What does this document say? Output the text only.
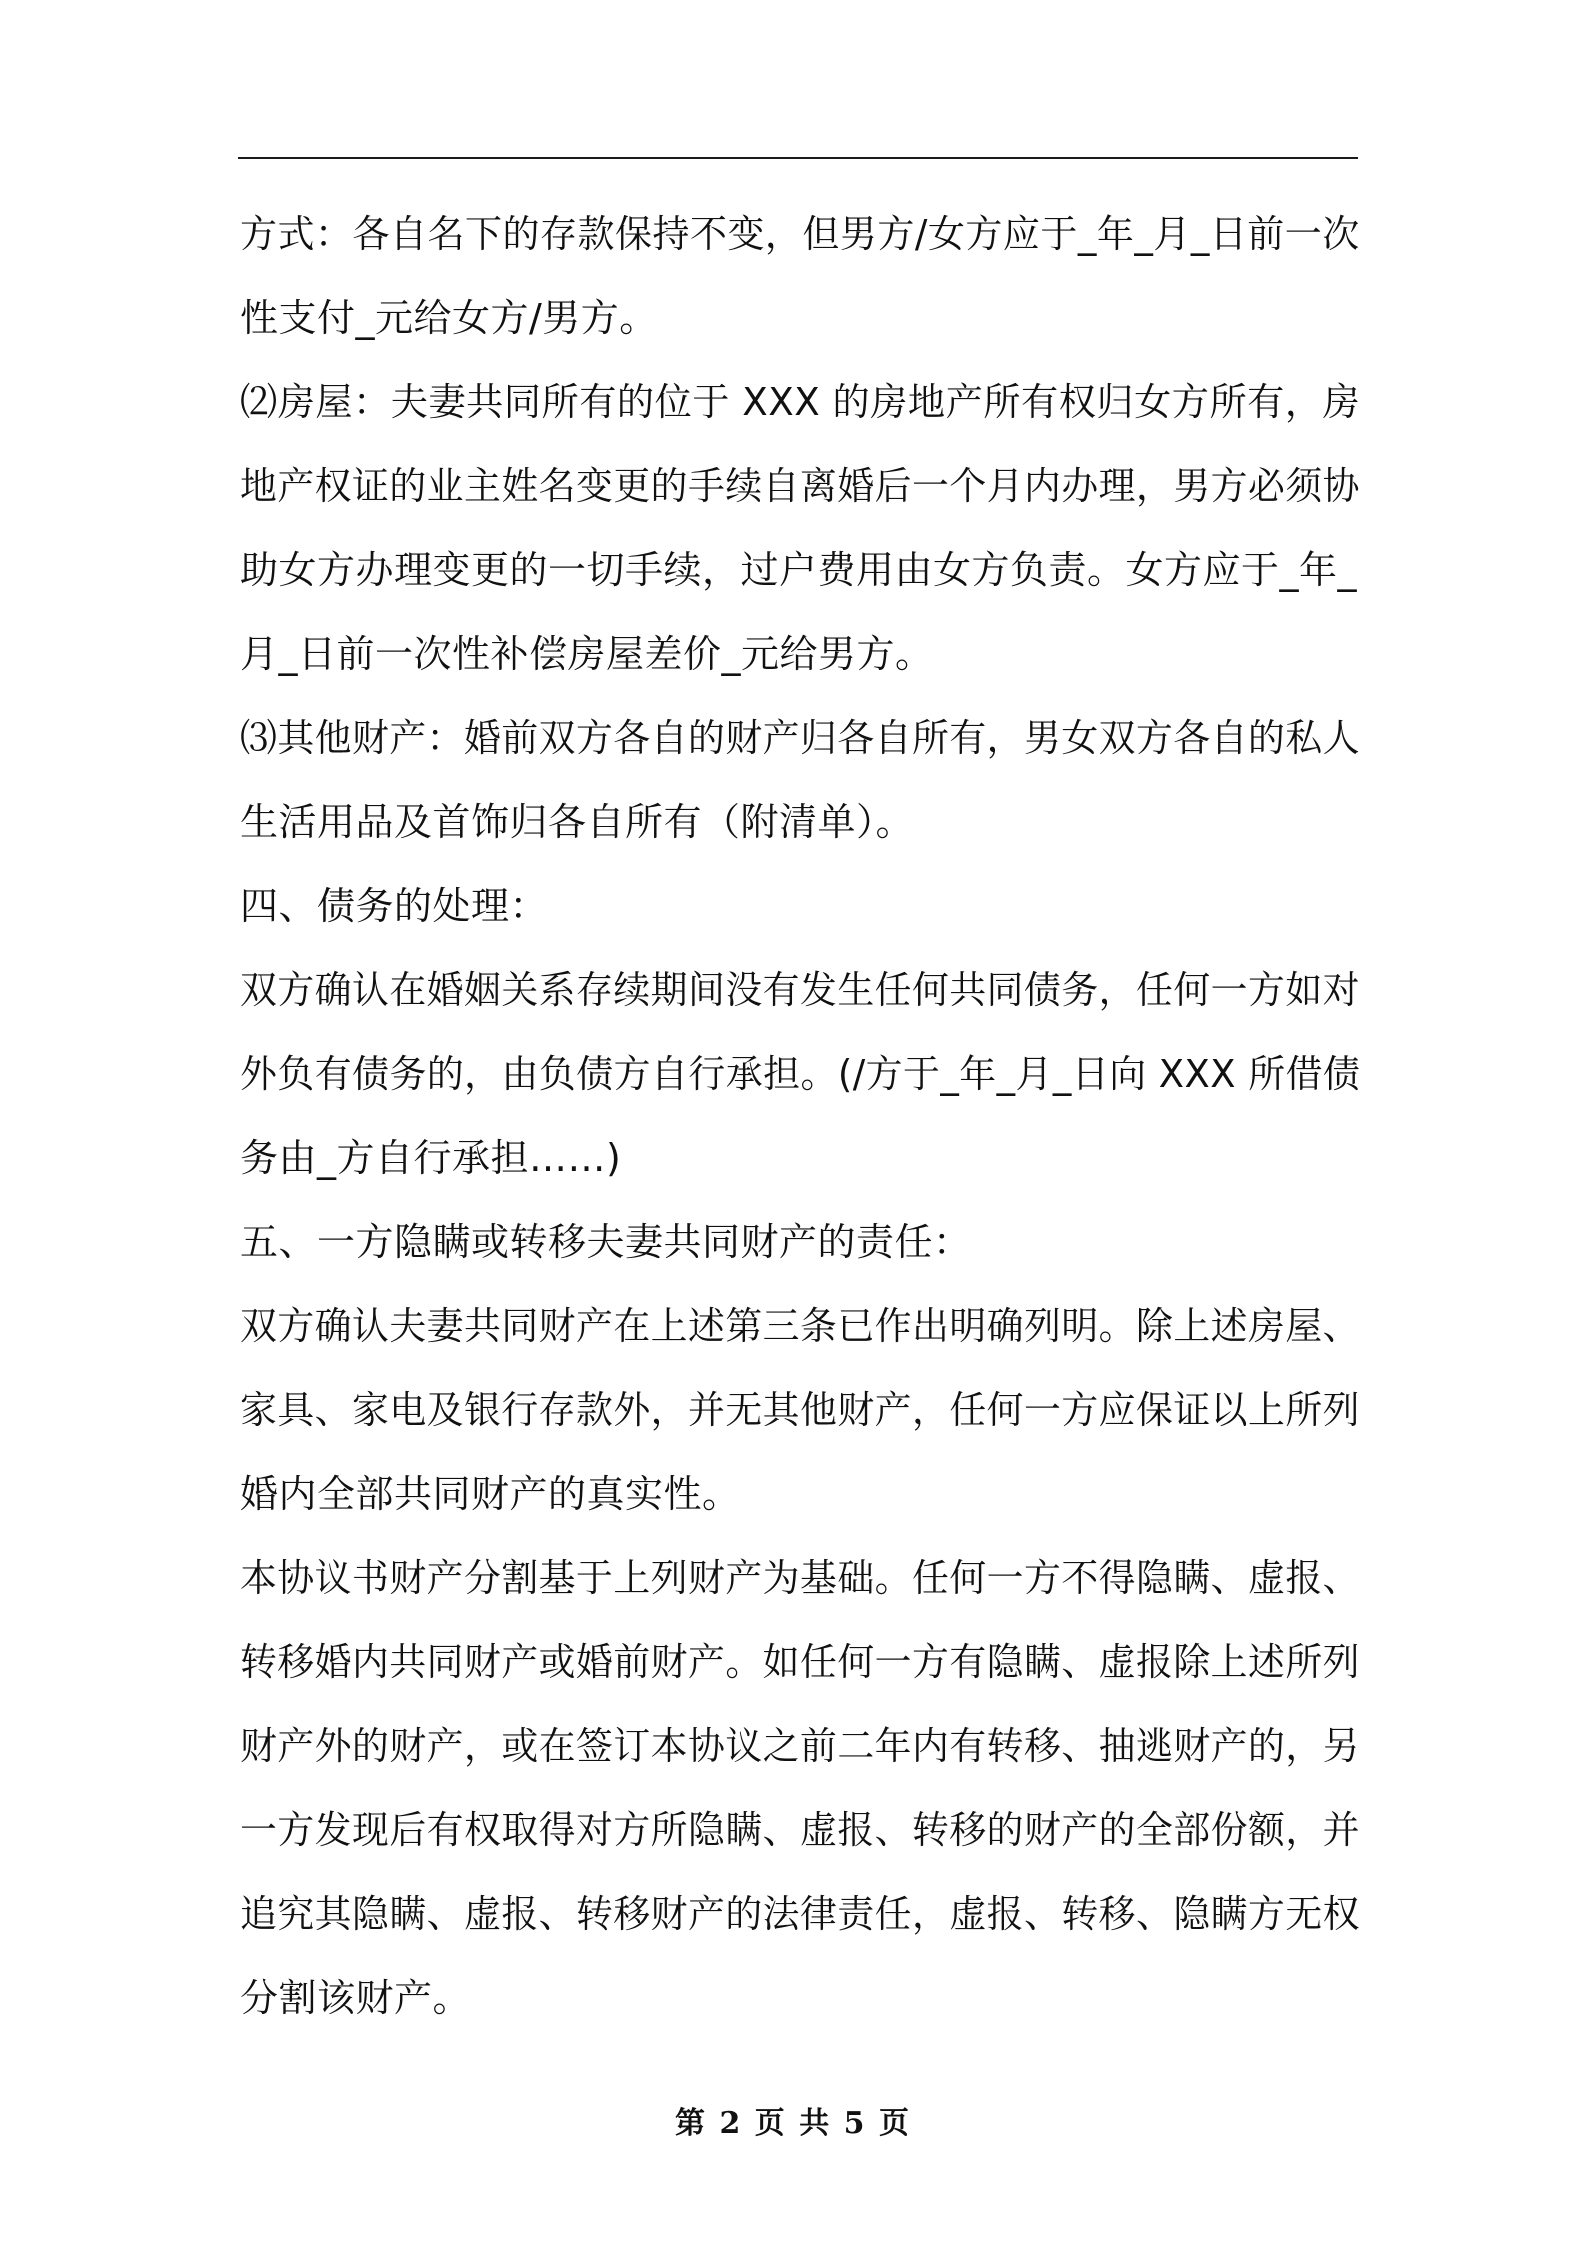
方式：各自名下的存款保持不变，但男方/女方应于_年_月_日前一次
性支付_元给女方/男方。
⑵房屋：夫妻共同所有的位于 XXX 的房地产所有权归女方所有，房
地产权证的业主姓名变更的手续自离婚后一个月内办理，男方必须协
助女方办理变更的一切手续，过户费用由女方负责。女方应于_年_
月_日前一次性补偿房屋差价_元给男方。
⑶其他财产：婚前双方各自的财产归各自所有，男女双方各自的私人
生活用品及首饰归各自所有（附清单）。
四、债务的处理：
双方确认在婚姻关系存续期间没有发生任何共同债务，任何一方如对
外负有债务的，由负债方自行承担。(/方于_年_月_日向 XXX 所借债
务由_方自行承担……)
五、一方隐瞒或转移夫妻共同财产的责任：
双方确认夫妻共同财产在上述第三条已作出明确列明。除上述房屋、
家具、家电及银行存款外，并无其他财产，任何一方应保证以上所列
婚内全部共同财产的真实性。
本协议书财产分割基于上列财产为基础。任何一方不得隐瞒、虚报、
转移婚内共同财产或婚前财产。如任何一方有隐瞒、虚报除上述所列
财产外的财产，或在签订本协议之前二年内有转移、抽逃财产的，另
一方发现后有权取得对方所隐瞒、虚报、转移的财产的全部份额，并
追究其隐瞒、虚报、转移财产的法律责任，虚报、转移、隐瞒方无权
分割该财产。
第 2 页 共 5 页
